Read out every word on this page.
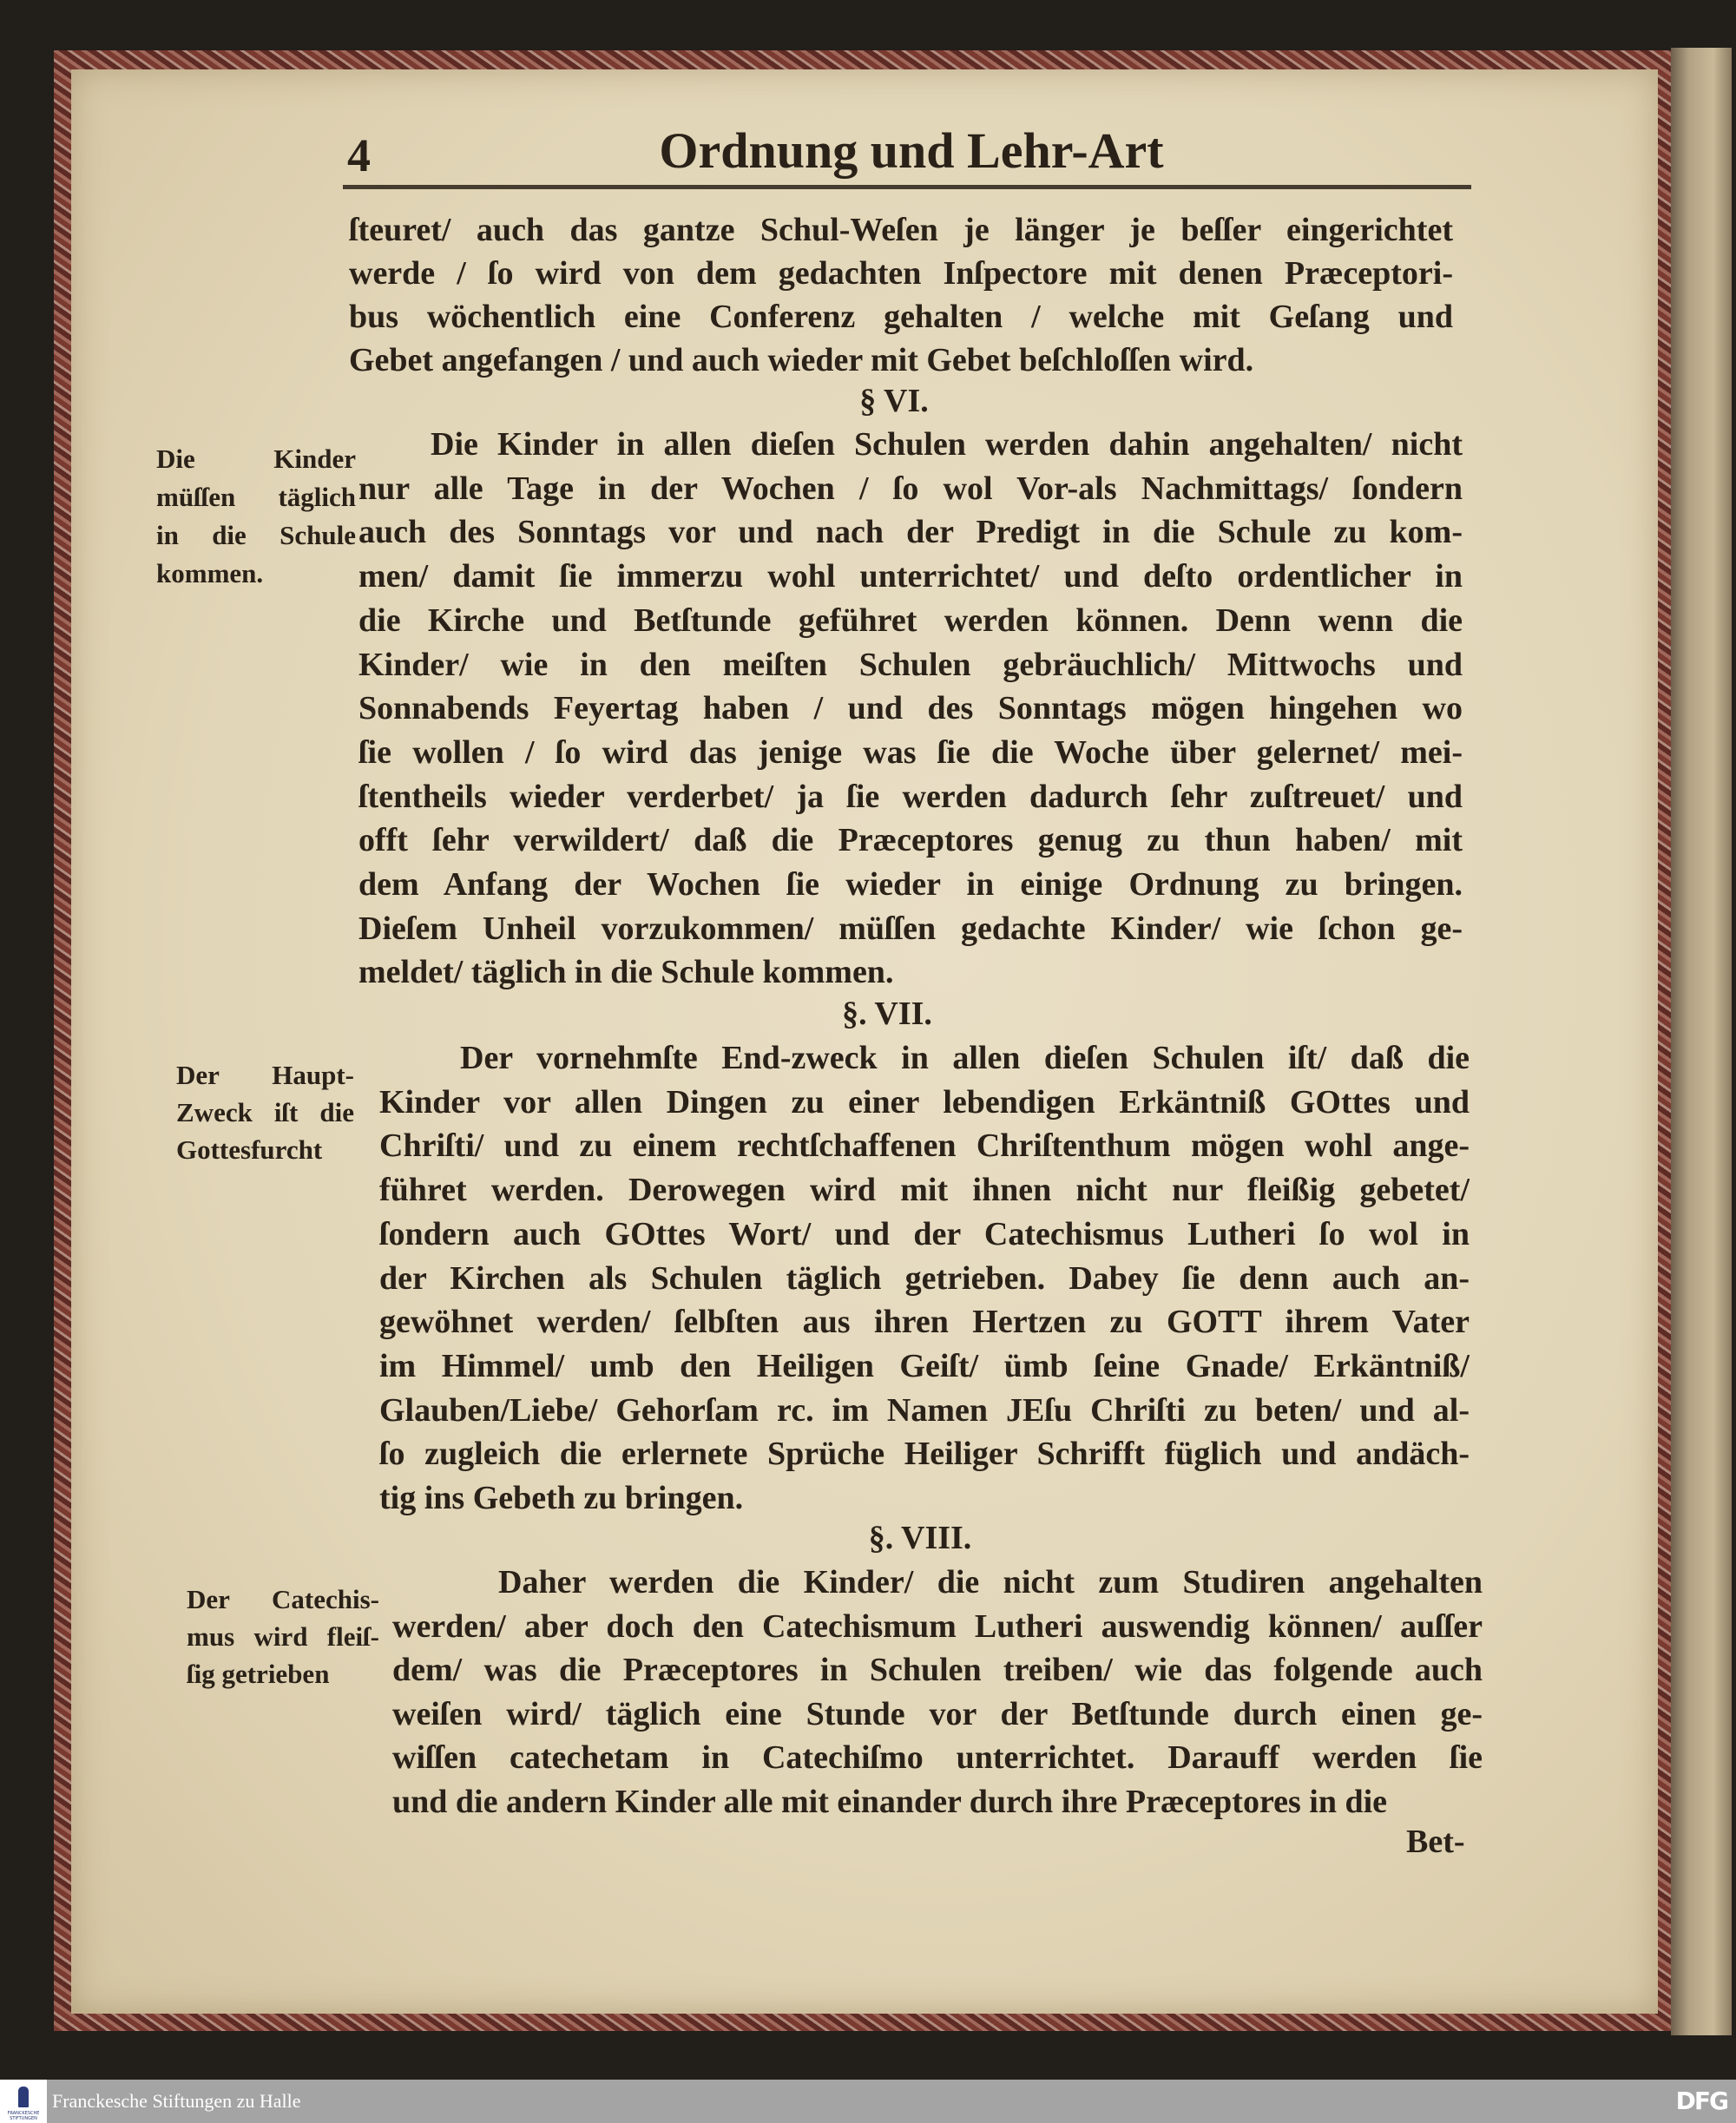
4	Ordnung und Lehr-Art
ſteuret/ auch das gantze Schul-Weſen je länger je beſſer eingerichtet
werde / ſo wird von dem gedachten Inſpectore mit denen Præceptori-
bus wöchentlich eine Conferenz gehalten / welche mit Geſang und
Gebet angefangen / und auch wieder mit Gebet beſchloſſen wird.
§ VI.
Die Kinder in allen dieſen Schulen werden dahin angehalten/ nicht
nur alle Tage in der Wochen / ſo wol Vor-als Nachmittags/ ſondern
auch des Sonntags vor und nach der Predigt in die Schule zu kom-
men/ damit ſie immerzu wohl unterrichtet/ und deſto ordentlicher in
die Kirche und Betſtunde geführet werden können. Denn wenn die
Kinder/ wie in den meiſten Schulen gebräuchlich/ Mittwochs und
Sonnabends Feyertag haben / und des Sonntags mögen hingehen wo
ſie wollen / ſo wird das jenige was ſie die Woche über gelernet/ mei-
ſtentheils wieder verderbet/ ja ſie werden dadurch ſehr zuſtreuet/ und
offt ſehr verwildert/ daß die Præceptores genug zu thun haben/ mit
dem Anfang der Wochen ſie wieder in einige Ordnung zu bringen.
Dieſem Unheil vorzukommen/ müſſen gedachte Kinder/ wie ſchon ge-
meldet/ täglich in die Schule kommen.
Die Kinder
müſſen täglich
in die Schule
kommen.
§. VII.
Der vornehmſte End-zweck in allen dieſen Schulen iſt/ daß die
Kinder vor allen Dingen zu einer lebendigen Erkäntniß GOttes und
Chriſti/ und zu einem rechtſchaffenen Chriſtenthum mögen wohl ange-
führet werden. Derowegen wird mit ihnen nicht nur fleißig gebetet/
ſondern auch GOttes Wort/ und der Catechismus Lutheri ſo wol in
der Kirchen als Schulen täglich getrieben. Dabey ſie denn auch an-
gewöhnet werden/ ſelbſten aus ihren Hertzen zu GOTT ihrem Vater
im Himmel/ umb den Heiligen Geiſt/ ümb ſeine Gnade/ Erkäntniß/
Glauben/Liebe/ Gehorſam rc. im Namen JEſu Chriſti zu beten/ und al-
ſo zugleich die erlernete Sprüche Heiliger Schrifft füglich und andäch-
tig ins Gebeth zu bringen.
Der Haupt-
Zweck iſt die
Gottesfurcht
§. VIII.
Daher werden die Kinder/ die nicht zum Studiren angehalten
werden/ aber doch den Catechismum Lutheri auswendig können/ auſſer
dem/ was die Præceptores in Schulen treiben/ wie das folgende auch
weiſen wird/ täglich eine Stunde vor der Betſtunde durch einen ge-
wiſſen catechetam in Catechiſmo unterrichtet. Darauff werden ſie
und die andern Kinder alle mit einander durch ihre Præceptores in die
Der Catechis-
mus wird fleiſ-
ſig getrieben
Bet-
FRANCKESCHE STIFTUNGEN
Franckesche Stiftungen zu Halle	DFG
